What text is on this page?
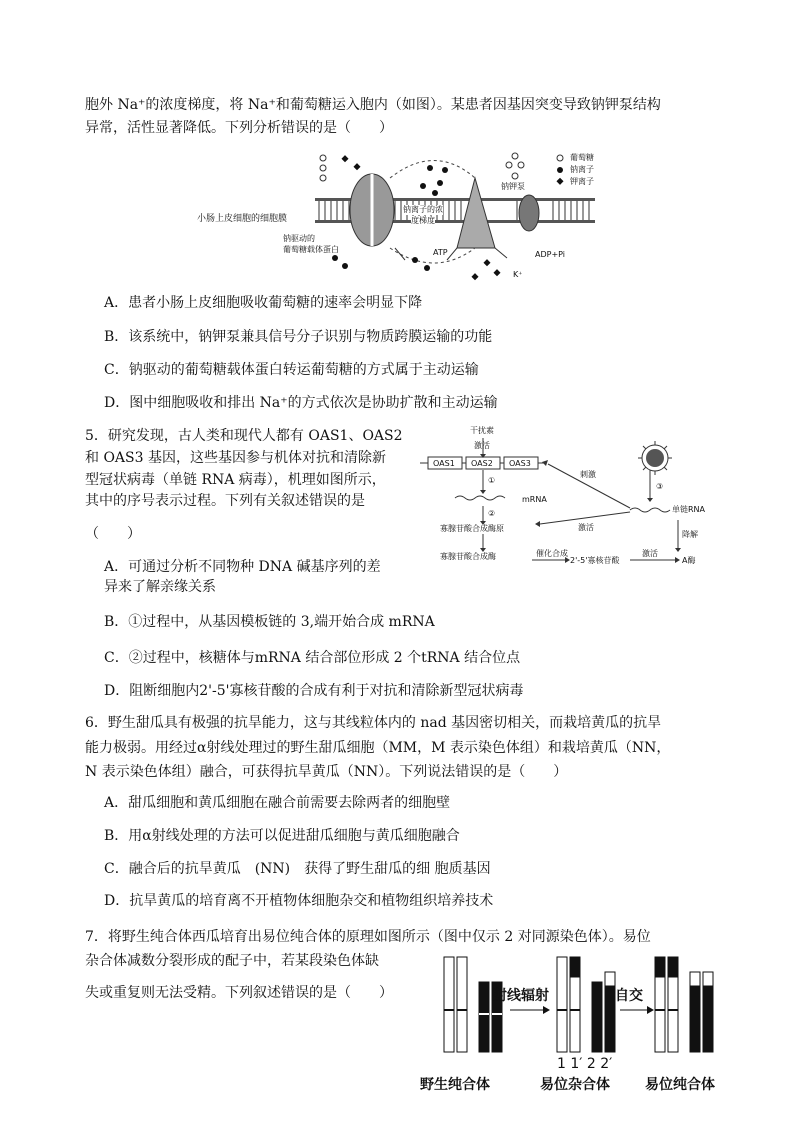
胞外 Na⁺的浓度梯度，将 Na⁺和葡萄糖运入胞内（如图）。某患者因基因突变导致钠钾泵结构
异常，活性显著降低。下列分析错误的是（　　）
葡萄糖
钠离子
钾离子
小肠上皮细胞的细胞膜
钠驱动的
葡萄糖载体蛋白
钠离子的浓
度梯度
钠钾泵
ATP	ADP+Pi
K⁺
A．患者小肠上皮细胞吸收葡萄糖的速率会明显下降
B．该系统中，钠钾泵兼具信号分子识别与物质跨膜运输的功能
C．钠驱动的葡萄糖载体蛋白转运葡萄糖的方式属于主动运输
D．图中细胞吸收和排出 Na⁺的方式依次是协助扩散和主动运输
5．研究发现，古人类和现代人都有 OAS1、OAS2
和 OAS3 基因，这些基因参与机体对抗和清除新
型冠状病毒（单链 RNA 病毒），机理如图所示，
其中的序号表示过程。下列有关叙述错误的是
（　　）
干扰素
激活
OAS1 OAS2 OAS3
刺激
①
②
③
mRNA
单链RNA
寡腺苷酸合成酶原	激活
寡腺苷酸合成酶	催化合成
2'-5'寡核苷酸
激活
降解
A酶
A．可通过分析不同物种 DNA 碱基序列的差
异来了解亲缘关系
B．①过程中，从基因模板链的 3,端开始合成 mRNA
C．②过程中，核糖体与mRNA 结合部位形成 2 个tRNA 结合位点
D．阻断细胞内2'-5'寡核苷酸的合成有利于对抗和清除新型冠状病毒
6．野生甜瓜具有极强的抗旱能力，这与其线粒体内的 nad 基因密切相关，而栽培黄瓜的抗旱
能力极弱。用经过α射线处理过的野生甜瓜细胞（MM，M 表示染色体组）和栽培黄瓜（NN，
N 表示染色体组）融合，可获得抗旱黄瓜（NN）。下列说法错误的是（　　）
A．甜瓜细胞和黄瓜细胞在融合前需要去除两者的细胞壁
B．用α射线处理的方法可以促进甜瓜细胞与黄瓜细胞融合
C．融合后的抗旱黄瓜　(NN)　获得了野生甜瓜的细 胞质基因
D．抗旱黄瓜的培育离不开植物体细胞杂交和植物组织培养技术
7．将野生纯合体西瓜培育出易位纯合体的原理如图所示（图中仅示 2 对同源染色体）。易位
杂合体减数分裂形成的配子中，若某段染色体缺
失或重复则无法受精。下列叙述错误的是（　　）	射线辐射	自交
1 1′ 2 2′
野生纯合体	易位杂合体	易位纯合体
